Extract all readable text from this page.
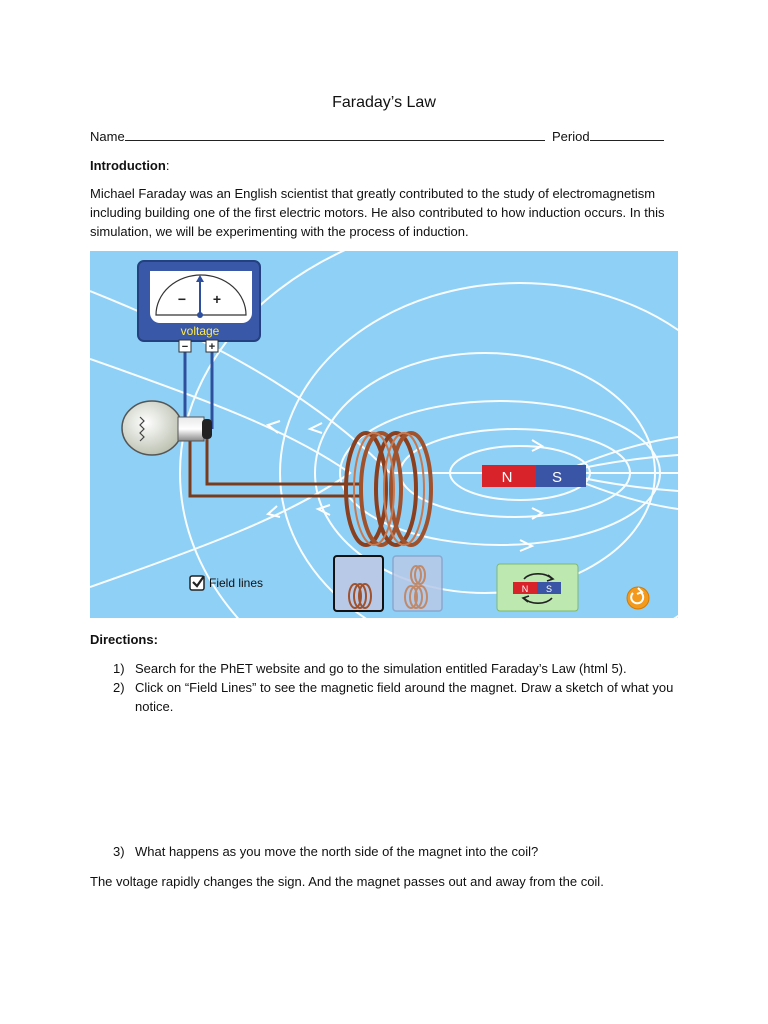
Faraday’s Law
Name	Period
Introduction:
Michael Faraday was an English scientist that greatly contributed to the study of electromagnetism
including building one of the first electric motors. He also contributed to how induction occurs. In this
simulation, we will be experimenting with the process of induction.
− +
voltage
− +
N	S
Field lines	N S
Directions:
1) Search for the PhET website and go to the simulation entitled Faraday’s Law (html 5).
2) Click on “Field Lines” to see the magnetic field around the magnet. Draw a sketch of what you
notice.
3) What happens as you move the north side of the magnet into the coil?
The voltage rapidly changes the sign. And the magnet passes out and away from the coil.
